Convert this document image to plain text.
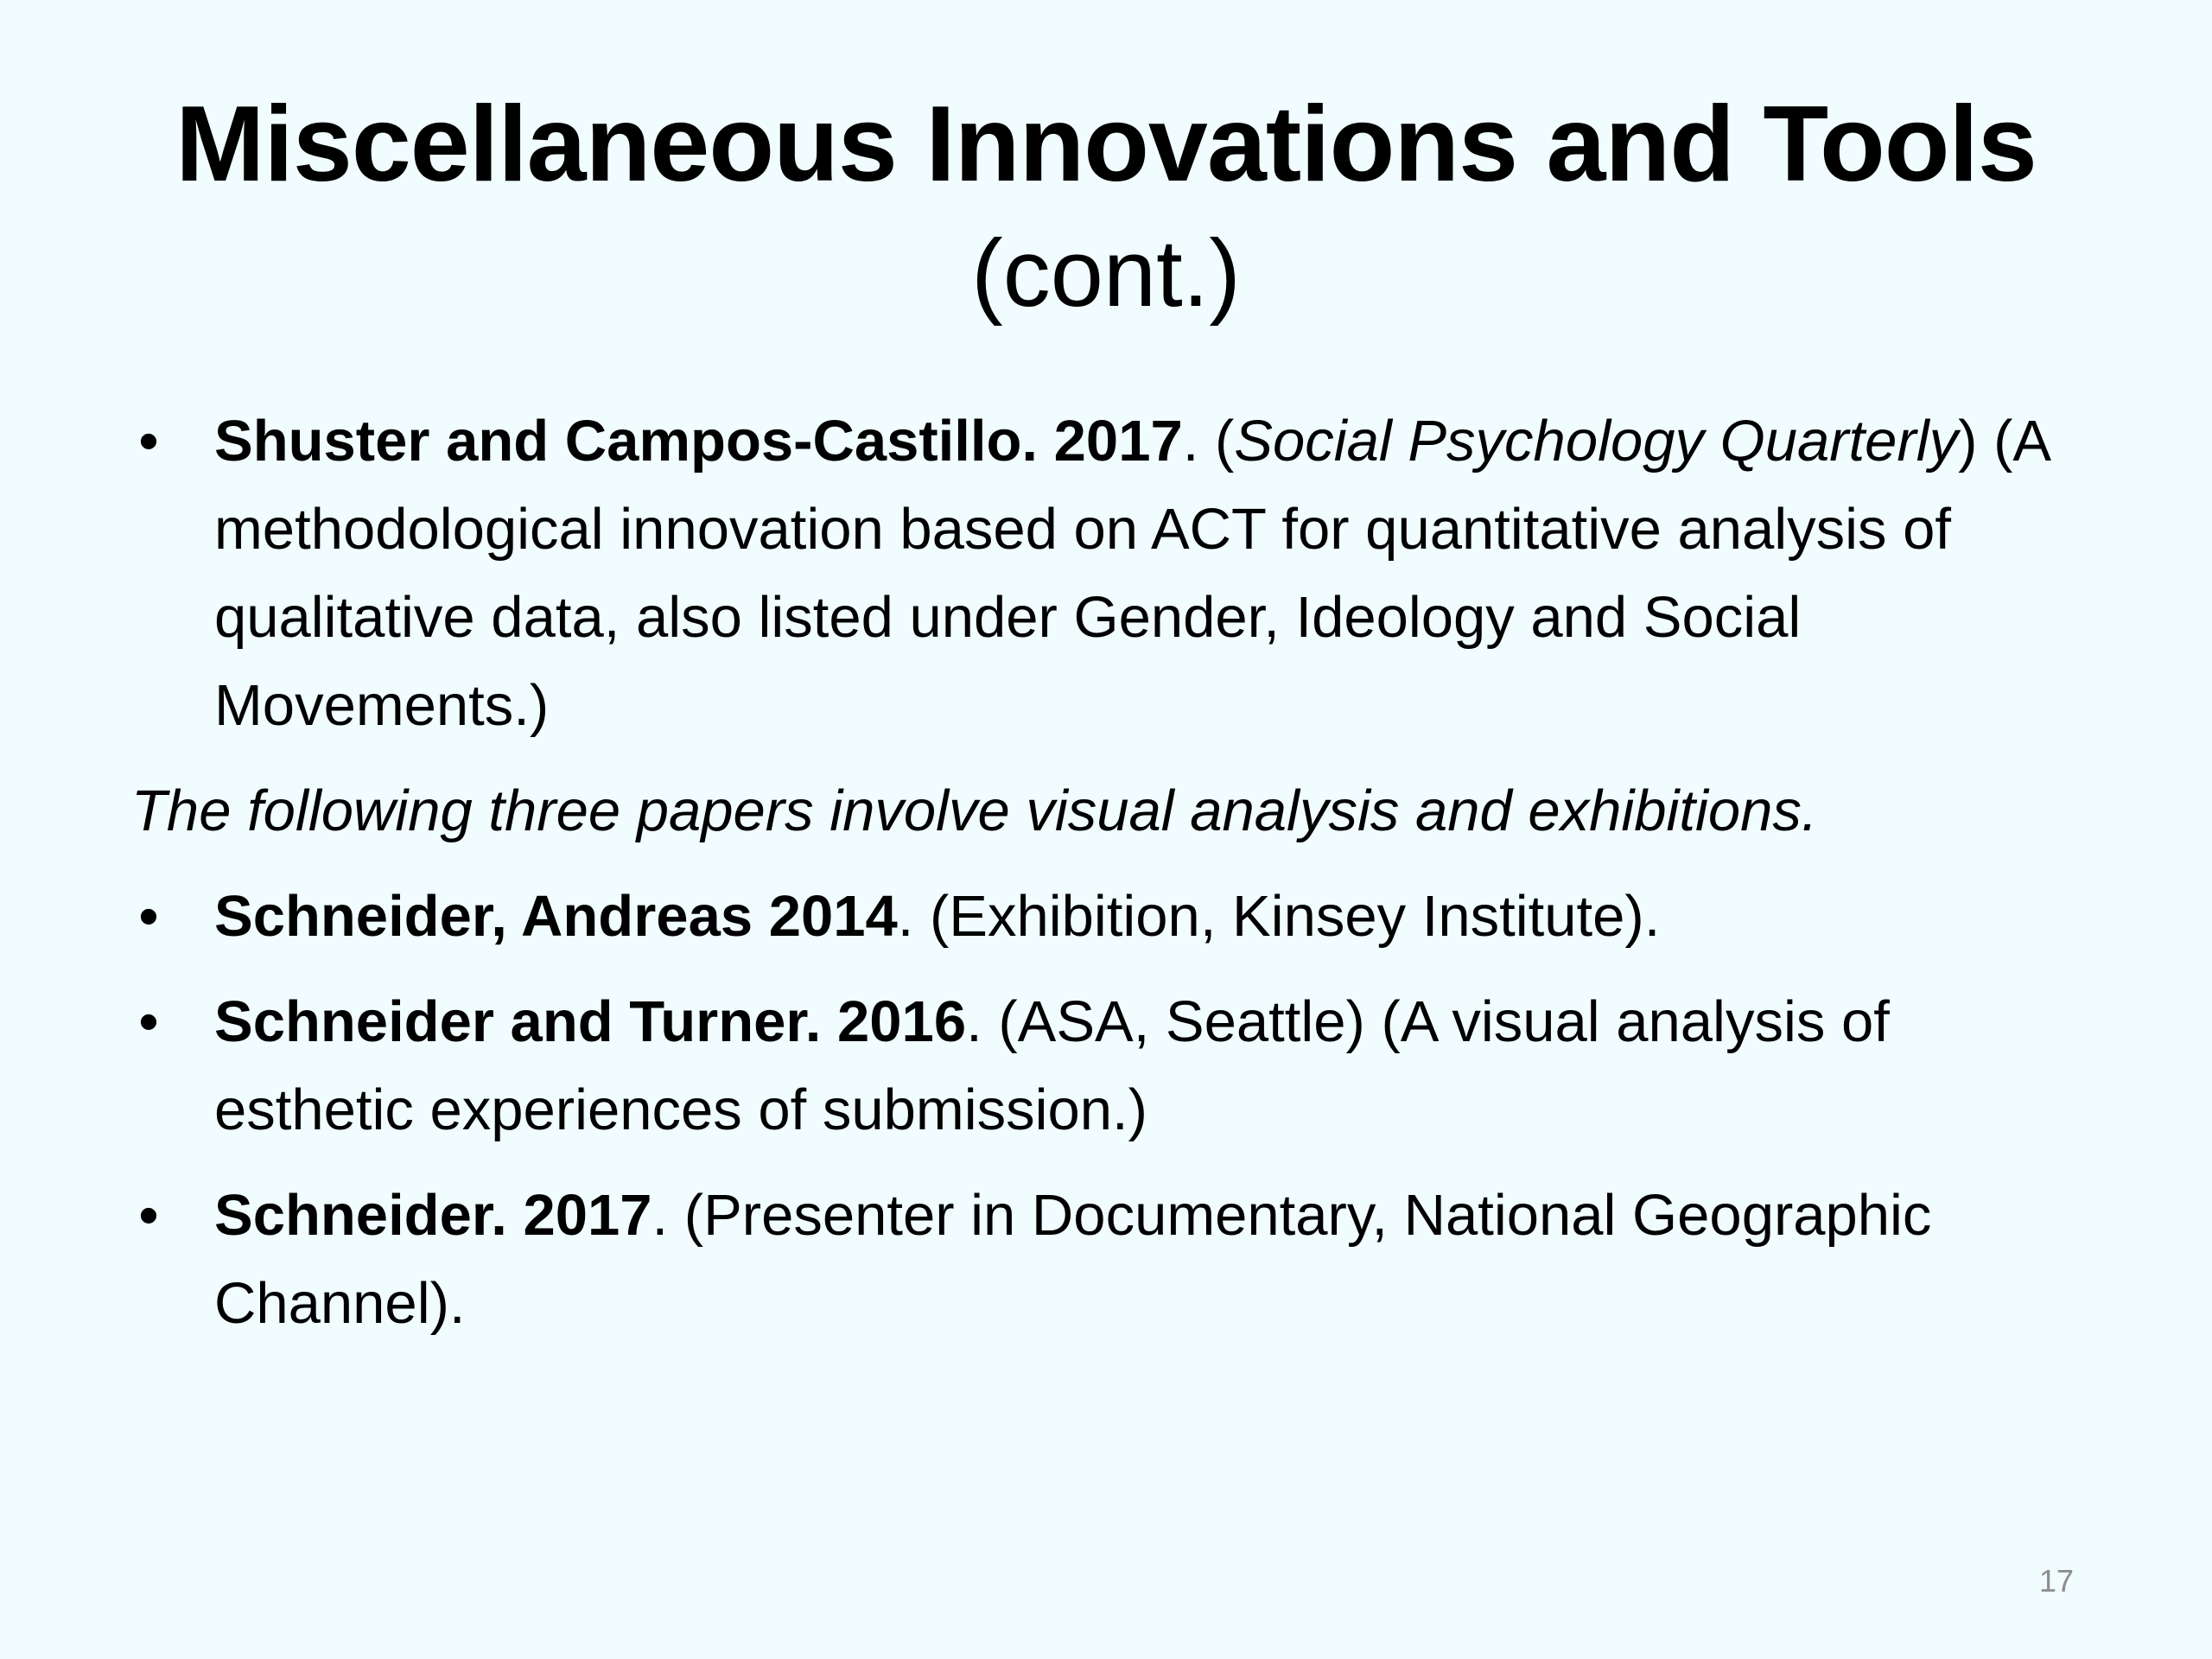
Miscellaneous Innovations and Tools
(cont.)
• Shuster and Campos-Castillo. 2017. (Social Psychology Quarterly) (A methodological innovation based on ACT for quantitative analysis of qualitative data, also listed under Gender, Ideology and Social Movements.)
The following three papers involve visual analysis and exhibitions.
• Schneider, Andreas 2014. (Exhibition, Kinsey Institute).
• Schneider and Turner. 2016. (ASA, Seattle) (A visual analysis of esthetic experiences of submission.)
• Schneider. 2017. (Presenter in Documentary, National Geographic Channel).
17
